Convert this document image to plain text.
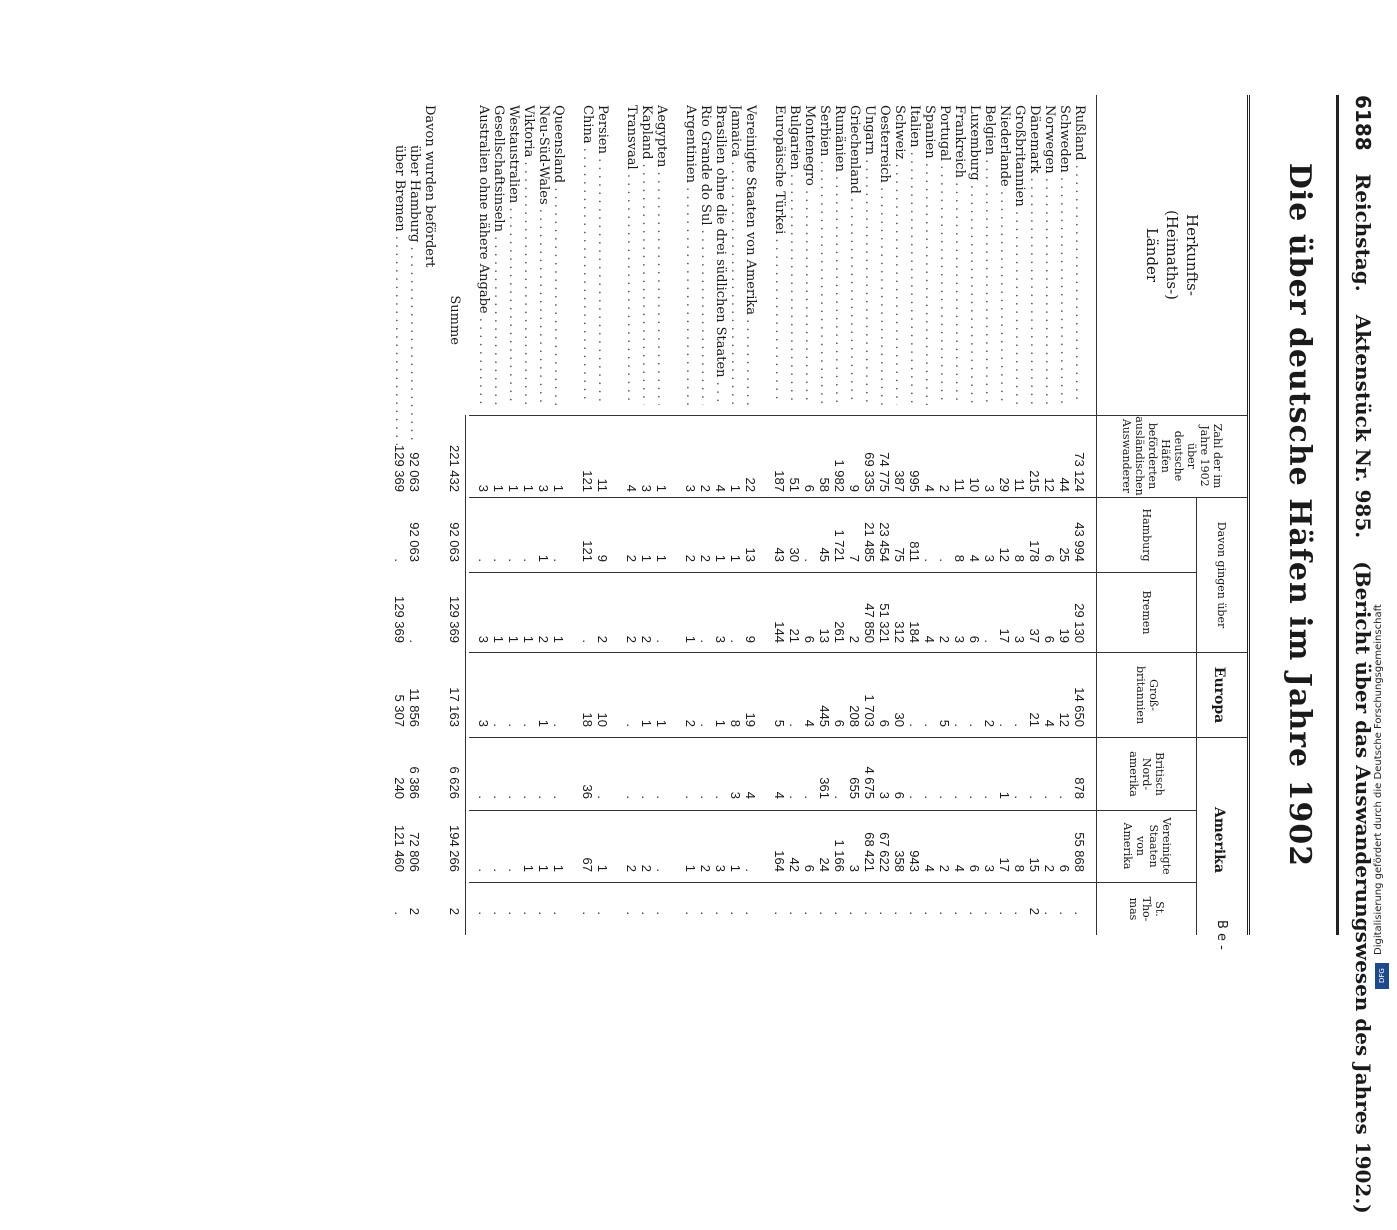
6188 Reichstag. Aktenstück Nr. 985. (Bericht über das Auswanderungswesen des Jahres 1902.)
Die über deutsche Häfen im Jahre 1902
B e -
Herkunfts-
(Heimaths-)
Länder
Zahl der im
Jahre 1902
über deutsche
Häfen
beförderten
ausländischen
Auswanderer
Davon gingen über
Hamburg
Bremen
Europa
Groß-
britannien
Amerika
Britisch
Nord-
amerika
Vereinigte
Staaten
von
Amerika
St.
Tho-
mas
Rußland . . .
73 124
43 994
29 130
14 650
878
55 868
.
Schweden . . .
44
25
19
12
.
6
.
Norwegen . . .
12
6
6
4
.
2
.
Dänemark . . .
215
178
37
21
.
15
2
Großbritannien . . .
11
8
3
.
.
8
.
Niederlande . . .
29
12
17
.
1
17
.
Belgien . . .
3
3
.
2
.
3
.
Luxemburg . . .
10
4
6
.
.
6
.
Frankreich . . .
11
8
3
.
.
4
.
Portugal . . .
2
.
2
5
.
2
.
Spanien . . .
4
.
4
.
.
4
.
Italien . . .
995
811
184
.
.
943
.
Schweiz . . .
387
75
312
30
6
358
.
Oesterreich . . .
74 775
23 454
51 321
6
3
67 622
.
Ungarn . . .
69 335
21 485
47 850
1 703
4 675
68 421
.
Griechenland . . .
9
7
2
208
655
3
.
Rumänien . . .
1 982
1 721
261
6
.
1 166
.
Serbien . . .
58
45
13
445
361
24
.
Montenegro . . .
6
.
6
4
.
6
.
Bulgarien . . .
51
30
21
.
.
42
.
Europäische Türkei . . .
187
43
144
5
4
164
.
Vereinigte Staaten von Amerika . . .
22
13
9
19
4
.
.
Jamaica . . .
1
1
.
8
3
1
.
Brasilien ohne die drei südlichen Staaten . . .
4
1
3
1
.
3
.
Rio Grande do Sul . . .
2
2
.
.
.
2
.
Argentinien . . .
3
2
1
2
.
1
.
Aegypten . . .
1
1
.
1
.
.
.
Kapland . . .
3
1
2
1
.
2
.
Transvaal . . .
4
2
2
.
.
2
.
Persien . . .
11
9
2
10
.
1
.
China . . .
121
121
.
18
36
67
.
Queensland . . .
1
.
1
.
.
1
.
Neu-Süd-Wales . . .
3
1
2
1
.
1
.
Viktoria . . .
1
.
1
.
.
1
.
Westaustralien . . .
1
.
1
.
.
.
.
Gesellschaftsinseln . . .
1
.
1
.
.
.
.
Australien ohne nähere Angabe . . .
3
.
3
3
.
.
.
Summe
221 432
92 063
129 369
17 163
6 626
194 266
2
Davon wurden befördert
über Hamburg . . .
92 063
92 063
.
11 856
6 386
72 806
2
über Bremen . . .
129 369
.
129 369
5 307
240
121 460
.	Digitalisierung gefördert durch die Deutsche Forschungsgemeinschaft
DFG
